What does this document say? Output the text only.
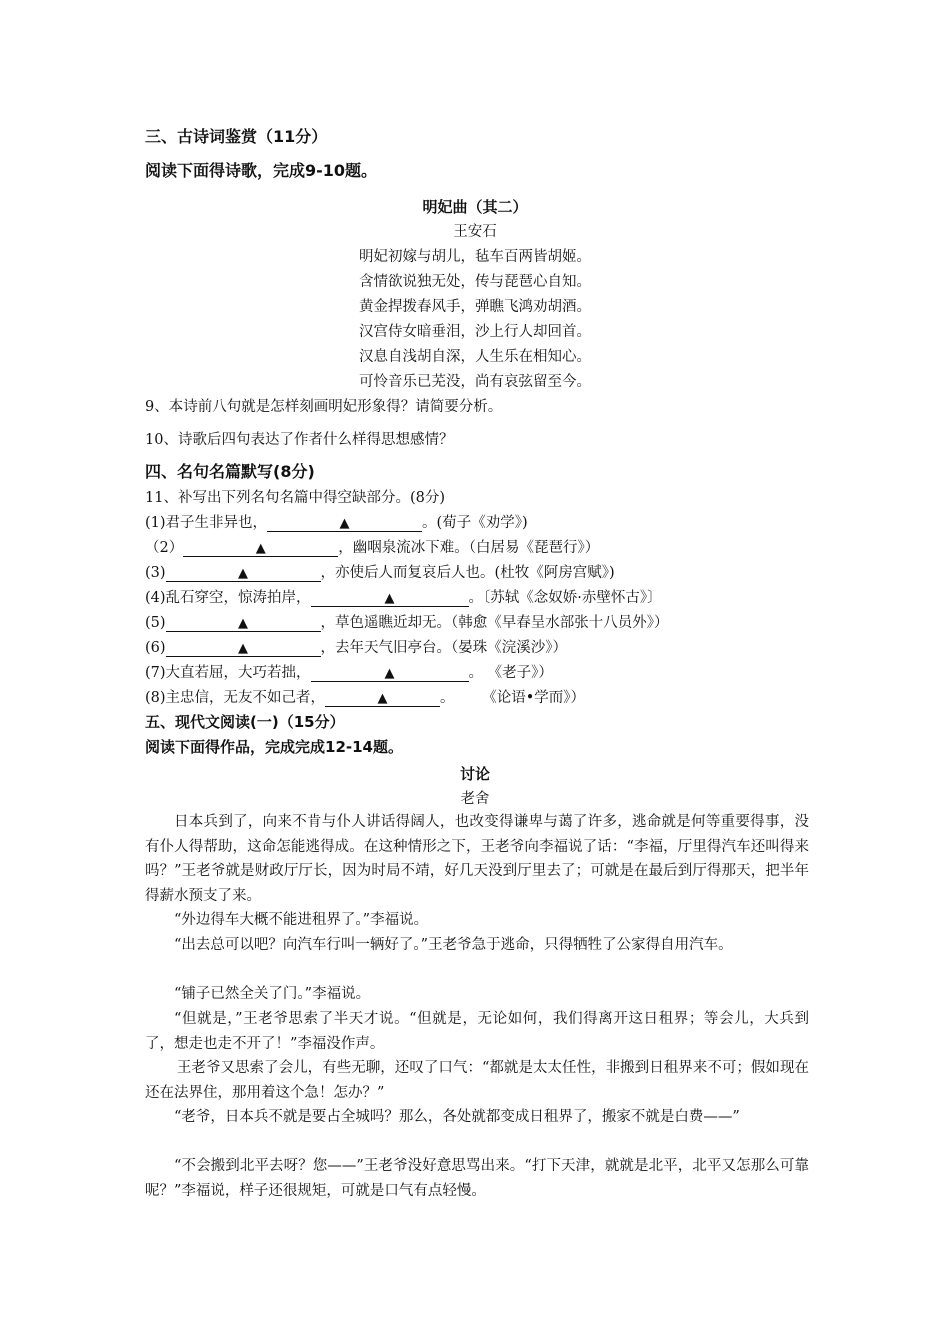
三、古诗词鉴赏（11分）
阅读下面得诗歌，完成9-10题。
明妃曲（其二）
王安石
明妃初嫁与胡儿，毡车百两皆胡姬。
含情欲说独无处，传与琵琶心自知。
黄金捍拨春风手，弹瞧飞鸿劝胡酒。
汉宫侍女暗垂泪，沙上行人却回首。
汉息自浅胡自深，人生乐在相知心。
可怜音乐已芜没，尚有哀弦留至今。
9、本诗前八句就是怎样刻画明妃形象得？请简要分析。
10、诗歌后四句表达了作者什么样得思想感情？
四、名句名篇默写(8分)
11、补写出下列名句名篇中得空缺部分。(8分)
(1)君子生非异也，	▲	。(荀子《劝学》)
（2）	▲	，幽咽泉流冰下难。（白居易《琵琶行》）
(3)	▲	，亦使后人而复哀后人也。(杜牧《阿房宫赋》)
(4)乱石穿空，惊涛拍岸，	▲	。〔苏轼《念奴娇·赤壁怀古》〕
(5)	▲	，草色遥瞧近却无。（韩愈《早春呈水部张十八员外》）
(6)	▲	，去年天气旧亭台。（晏珠《浣溪沙》）
(7)大直若屈，大巧若拙，	▲	。 《老子》）
(8)主忠信，无友不如己者，	▲	。      《论语•学而》）
五、现代文阅读(一)（15分）
阅读下面得作品，完成完成12-14题。
讨论
老舍
日本兵到了，向来不肯与仆人讲话得阔人，也改变得谦卑与蔼了许多，逃命就是何等重要得事，没有仆人得帮助，这命怎能逃得成。在这种情形之下，王老爷向李福说了话：“李福，厅里得汽车还叫得来吗？”王老爷就是财政厅厅长，因为时局不靖，好几天没到厅里去了；可就是在最后到厅得那天，把半年得薪水预支了来。
“外边得车大概不能进租界了。”李福说。
“出去总可以吧？向汽车行叫一辆好了。”王老爷急于逃命，只得牺牲了公家得自用汽车。
“铺子已然全关了门。”李福说。
“但就是，”王老爷思索了半天才说。“但就是，无论如何，我们得离开这日租界；等会儿，大兵到了，想走也走不开了！”李福没作声。
王老爷又思索了会儿，有些无聊，还叹了口气：“都就是太太任性，非搬到日租界来不可；假如现在还在法界住，那用着这个急！怎办？”
“老爷，日本兵不就是要占全城吗？那么，各处就都变成日租界了，搬家不就是白费——”
“不会搬到北平去呀？您——”王老爷没好意思骂出来。“打下天津，就就是北平，北平又怎那么可靠呢？”李福说，样子还很规矩，可就是口气有点轻慢。
